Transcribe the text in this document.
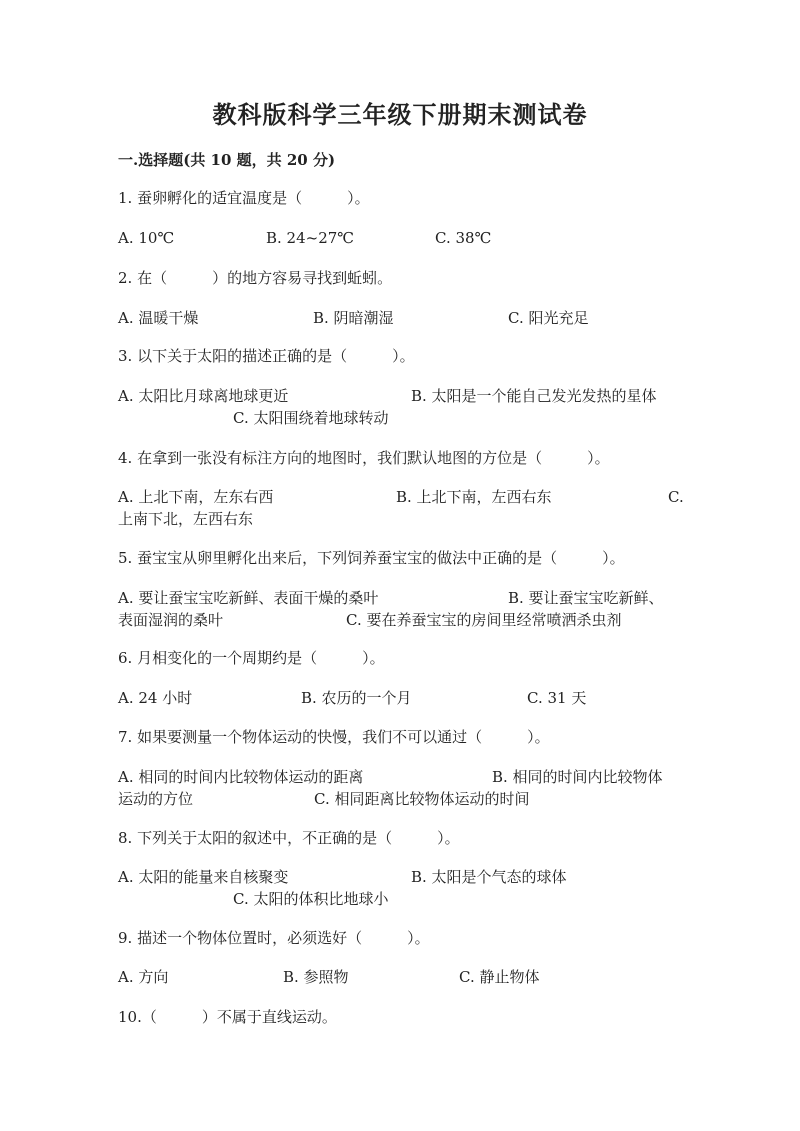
教科版科学三年级下册期末测试卷
一.选择题(共 10 题，共 20 分)
1. 蚕卵孵化的适宜温度是（　　　）。
A. 10℃	B. 24~27℃	C. 38℃
2. 在（　　　）的地方容易寻找到蚯蚓。
A. 温暖干燥	B. 阴暗潮湿	C. 阳光充足
3. 以下关于太阳的描述正确的是（　　　）。
A. 太阳比月球离地球更近	B. 太阳是一个能自己发光发热的星体
C. 太阳围绕着地球转动
4. 在拿到一张没有标注方向的地图时，我们默认地图的方位是（　　　）。
A. 上北下南，左东右西	B. 上北下南，左西右东	C.
上南下北，左西右东
5. 蚕宝宝从卵里孵化出来后，下列饲养蚕宝宝的做法中正确的是（　　　）。
A. 要让蚕宝宝吃新鲜、表面干燥的桑叶	B. 要让蚕宝宝吃新鲜、
表面湿润的桑叶	C. 要在养蚕宝宝的房间里经常喷洒杀虫剂
6. 月相变化的一个周期约是（　　　）。
A. 24 小时	B. 农历的一个月	C. 31 天
7. 如果要测量一个物体运动的快慢，我们不可以通过（　　　）。
A. 相同的时间内比较物体运动的距离	B. 相同的时间内比较物体
运动的方位	C. 相同距离比较物体运动的时间
8. 下列关于太阳的叙述中，不正确的是（　　　）。
A. 太阳的能量来自核聚变	B. 太阳是个气态的球体
C. 太阳的体积比地球小
9. 描述一个物体位置时，必须选好（　　　）。
A. 方向	B. 参照物	C. 静止物体
10.（　　　）不属于直线运动。
